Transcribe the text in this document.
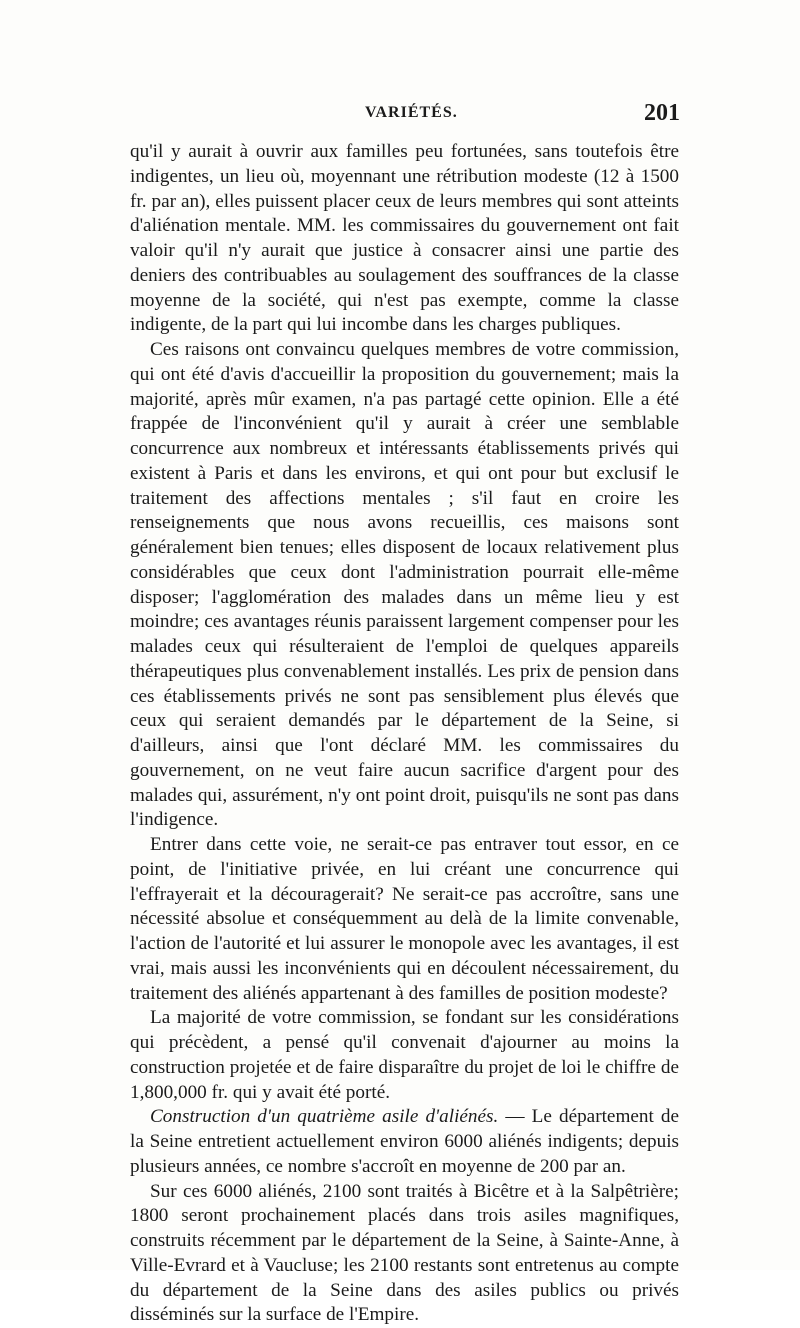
VARIÉTÉS.	201

qu'il y aurait à ouvrir aux familles peu fortunées, sans toutefois être indigentes, un lieu où, moyennant une rétribution modeste (12 à 1500 fr. par an), elles puissent placer ceux de leurs membres qui sont atteints d'aliénation mentale. MM. les commissaires du gouvernement ont fait valoir qu'il n'y aurait que justice à consacrer ainsi une partie des deniers des contribuables au soulagement des souffrances de la classe moyenne de la société, qui n'est pas exempte, comme la classe indigente, de la part qui lui incombe dans les charges publiques.

Ces raisons ont convaincu quelques membres de votre commission, qui ont été d'avis d'accueillir la proposition du gouvernement; mais la majorité, après mûr examen, n'a pas partagé cette opinion. Elle a été frappée de l'inconvénient qu'il y aurait à créer une semblable concurrence aux nombreux et intéressants établissements privés qui existent à Paris et dans les environs, et qui ont pour but exclusif le traitement des affections mentales ; s'il faut en croire les renseignements que nous avons recueillis, ces maisons sont généralement bien tenues; elles disposent de locaux relativement plus considérables que ceux dont l'administration pourrait elle-même disposer; l'agglomération des malades dans un même lieu y est moindre; ces avantages réunis paraissent largement compenser pour les malades ceux qui résulteraient de l'emploi de quelques appareils thérapeutiques plus convenablement installés. Les prix de pension dans ces établissements privés ne sont pas sensiblement plus élevés que ceux qui seraient demandés par le département de la Seine, si d'ailleurs, ainsi que l'ont déclaré MM. les commissaires du gouvernement, on ne veut faire aucun sacrifice d'argent pour des malades qui, assurément, n'y ont point droit, puisqu'ils ne sont pas dans l'indigence.

Entrer dans cette voie, ne serait-ce pas entraver tout essor, en ce point, de l'initiative privée, en lui créant une concurrence qui l'effrayerait et la découragerait? Ne serait-ce pas accroître, sans une nécessité absolue et conséquemment au delà de la limite convenable, l'action de l'autorité et lui assurer le monopole avec les avantages, il est vrai, mais aussi les inconvénients qui en découlent nécessairement, du traitement des aliénés appartenant à des familles de position modeste?

La majorité de votre commission, se fondant sur les considérations qui précèdent, a pensé qu'il convenait d'ajourner au moins la construction projetée et de faire disparaître du projet de loi le chiffre de 1,800,000 fr. qui y avait été porté.

Construction d'un quatrième asile d'aliénés. — Le département de la Seine entretient actuellement environ 6000 aliénés indigents; depuis plusieurs années, ce nombre s'accroît en moyenne de 200 par an.

Sur ces 6000 aliénés, 2100 sont traités à Bicêtre et à la Salpêtrière; 1800 seront prochainement placés dans trois asiles magnifiques, construits récemment par le département de la Seine, à Sainte-Anne, à Ville-Evrard et à Vaucluse; les 2100 restants sont entretenus au compte du département de la Seine dans des asiles publics ou privés disséminés sur la surface de l'Empire.
